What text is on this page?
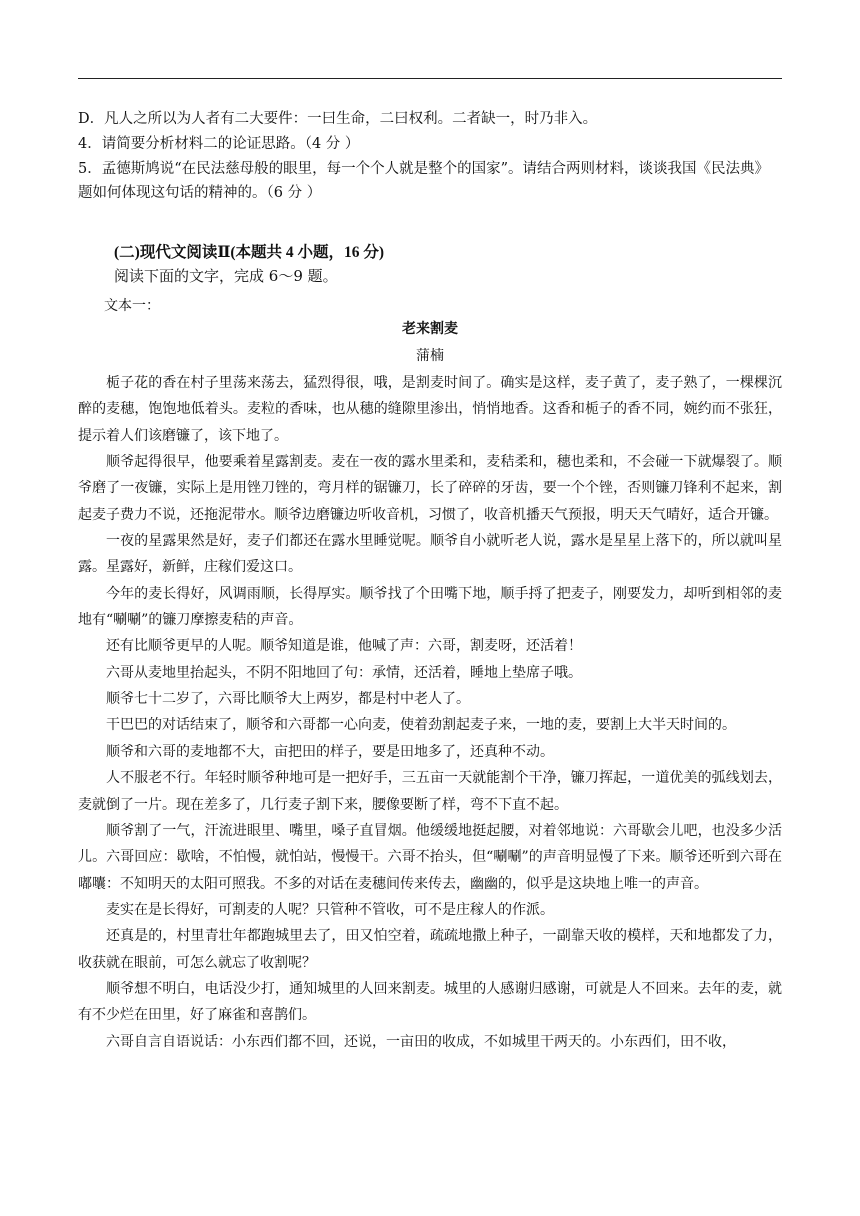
D．凡人之所以为人者有二大要件：一曰生命，二曰权利。二者缺一，时乃非入。
4．请简要分析材料二的论证思路。（4 分 ）
5．孟德斯鸠说“在民法慈母般的眼里，每一个个人就是整个的国家”。请结合两则材料，谈谈我国《民法典》题如何体现这句话的精神的。（6 分 ）
(二)现代文阅读Ⅱ(本题共 4 小题，16 分)
阅读下面的文字，完成 6～9 题。
文本一：
老来割麦
蒲楠

栀子花的香在村子里荡来荡去，猛烈得很，哦，是割麦时间了。确实是这样，麦子黄了，麦子熟了，一棵棵沉醉的麦穗，饱饱地低着头。麦粒的香味，也从穗的缝隙里渗出，悄悄地香。这香和栀子的香不同，婉约而不张狂，提示着人们该磨镰了，该下地了。

顺爷起得很早，他要乘着星露割麦。麦在一夜的露水里柔和，麦秸柔和，穗也柔和，不会碰一下就爆裂了。顺爷磨了一夜镰，实际上是用锉刀锉的，弯月样的锯镰刀，长了碎碎的牙齿，要一个个锉，否则镰刀锋利不起来，割起麦子费力不说，还拖泥带水。顺爷边磨镰边听收音机，习惯了，收音机播天气预报，明天天气晴好，适合开镰。

一夜的星露果然是好，麦子们都还在露水里睡觉呢。顺爷自小就听老人说，露水是星星上落下的，所以就叫星露。星露好，新鲜，庄稼们爱这口。

今年的麦长得好，风调雨顺，长得厚实。顺爷找了个田嘴下地，顺手捋了把麦子，刚要发力，却听到相邻的麦地有“唰唰”的镰刀摩擦麦秸的声音。

还有比顺爷更早的人呢。顺爷知道是谁，他喊了声：六哥，割麦呀，还活着！

六哥从麦地里抬起头，不阴不阳地回了句：承情，还活着，睡地上垫席子哦。

顺爷七十二岁了，六哥比顺爷大上两岁，都是村中老人了。

干巴巴的对话结束了，顺爷和六哥都一心向麦，使着劲割起麦子来，一地的麦，要割上大半天时间的。

顺爷和六哥的麦地都不大，亩把田的样子，要是田地多了，还真种不动。

人不服老不行。年轻时顺爷种地可是一把好手，三五亩一天就能割个干净，镰刀挥起，一道优美的弧线划去，麦就倒了一片。现在差多了，几行麦子割下来，腰像要断了样，弯不下直不起。

顺爷割了一气，汗流进眼里、嘴里，嗓子直冒烟。他缓缓地挺起腰，对着邻地说：六哥歇会儿吧，也没多少活儿。六哥回应：歇啥，不怕慢，就怕站，慢慢干。六哥不抬头，但“唰唰”的声音明显慢了下来。顺爷还听到六哥在嘟囔：不知明天的太阳可照我。不多的对话在麦穗间传来传去，幽幽的，似乎是这块地上唯一的声音。

麦实在是长得好，可割麦的人呢？只管种不管收，可不是庄稼人的作派。

还真是的，村里青壮年都跑城里去了，田又怕空着，疏疏地撒上种子，一副靠天收的模样，天和地都发了力，收获就在眼前，可怎么就忘了收割呢？

顺爷想不明白，电话没少打，通知城里的人回来割麦。城里的人感谢归感谢，可就是人不回来。去年的麦，就有不少烂在田里，好了麻雀和喜鹊们。

六哥自言自语说话：小东西们都不回，还说，一亩田的收成，不如城里干两天的。小东西们，田不收，
